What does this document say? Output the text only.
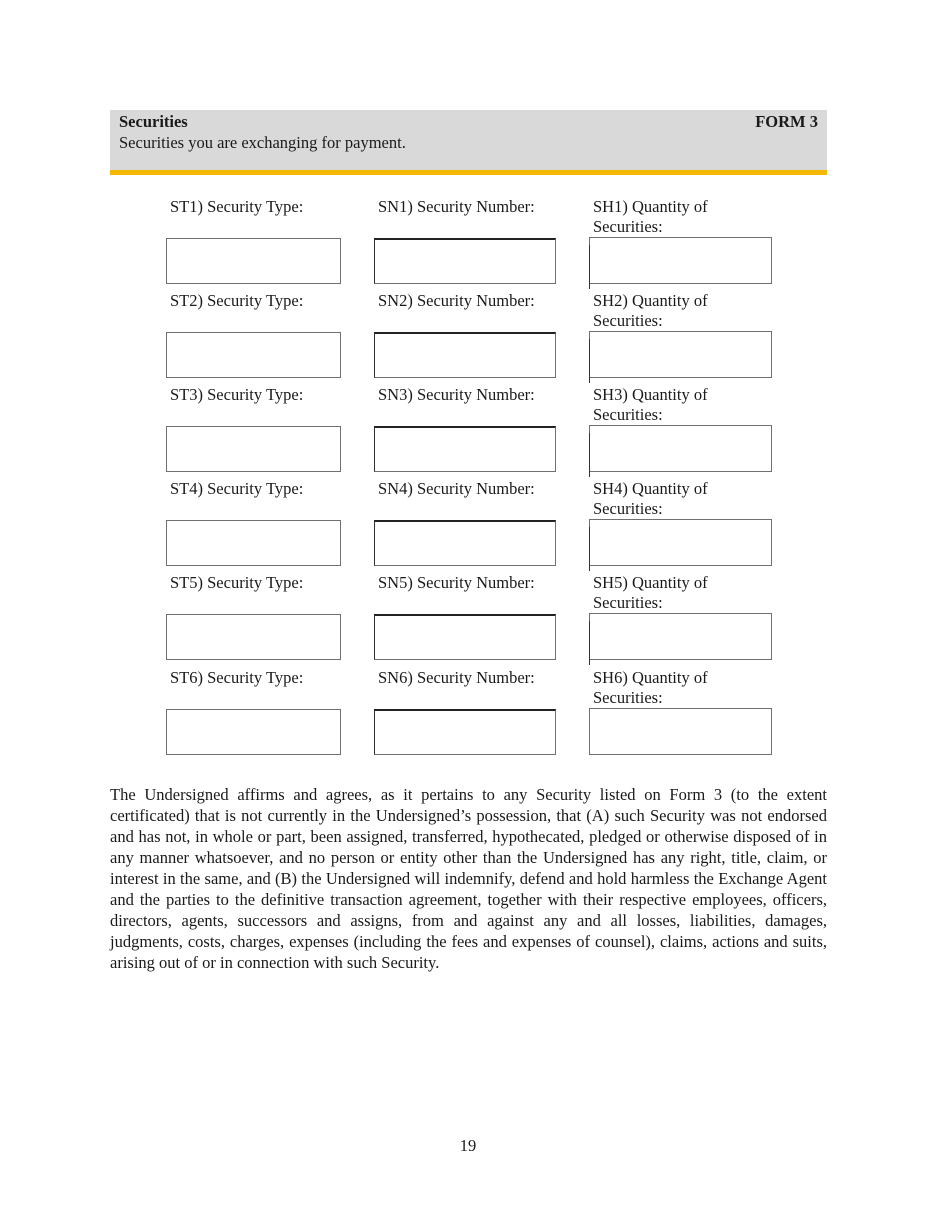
Securities	FORM 3
Securities you are exchanging for payment.
ST1) Security Type:	SN1) Security Number:	SH1) Quantity of
Securities:
ST2) Security Type:	SN2) Security Number:	SH2) Quantity of
Securities:
ST3) Security Type:	SN3) Security Number:	SH3) Quantity of
Securities:
ST4) Security Type:	SN4) Security Number:	SH4) Quantity of
Securities:
ST5) Security Type:	SN5) Security Number:	SH5) Quantity of
Securities:
ST6) Security Type:	SN6) Security Number:	SH6) Quantity of
Securities:

The Undersigned affirms and agrees, as it pertains to any Security listed on Form 3 (to the extent certificated) that is not currently in the Undersigned’s possession, that (A) such Security was not endorsed and has not, in whole or part, been assigned, transferred, hypothecated, pledged or otherwise disposed of in any manner whatsoever, and no person or entity other than the Undersigned has any right, title, claim, or interest in the same, and (B) the Undersigned will indemnify, defend and hold harmless the Exchange Agent and the parties to the definitive transaction agreement, together with their respective employees, officers, directors, agents, successors and assigns, from and against any and all losses, liabilities, damages, judgments, costs, charges, expenses (including the fees and expenses of counsel), claims, actions and suits, arising out of or in connection with such Security.

19
